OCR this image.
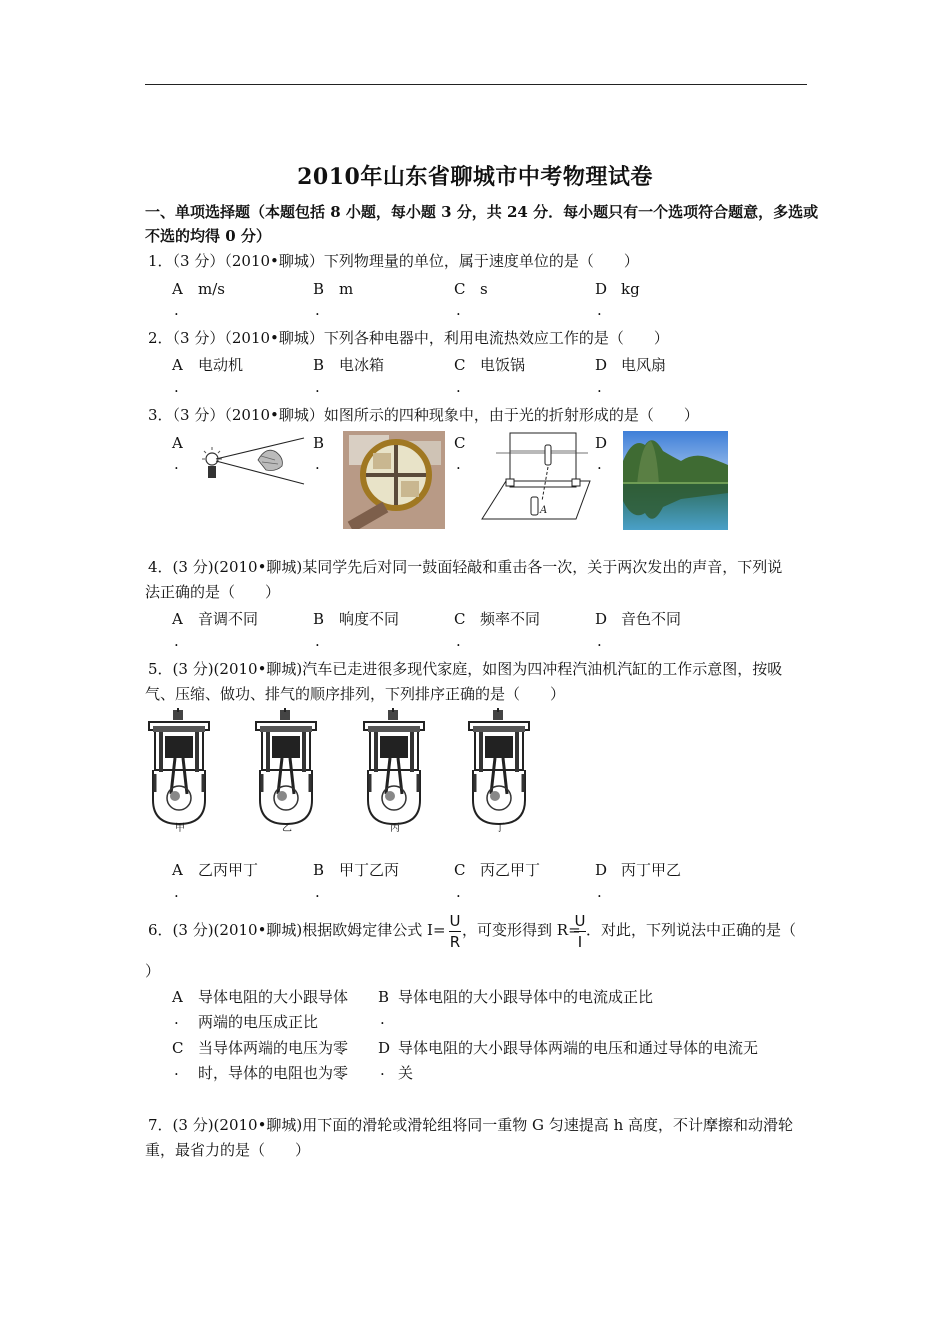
2010年山东省聊城市中考物理试卷
一、单项选择题（本题包括 8 小题，每小题 3 分，共 24 分．每小题只有一个选项符合题意，多选或
不选的均得 0 分）
1．（3 分）（2010•聊城）下列物理量的单位，属于速度单位的是（　　）
A m/s
.
B m
.
C s
.
D kg
.
2．（3 分）（2010•聊城）下列各种电器中，利用电流热效应工作的是（　　）
A 电动机
.
B 电冰箱
.
C 电饭锅
.
D 电风扇
.
3．（3 分）（2010•聊城）如图所示的四种现象中，由于光的折射形成的是（　　）
A
.
B
.
C
.
A
D
.
4．(3 分)(2010•聊城)某同学先后对同一鼓面轻敲和重击各一次，关于两次发出的声音，下列说
法正确的是（　　）
A 音调不同
.
B 响度不同
.
C 频率不同
.
D 音色不同
.
5．(3 分)(2010•聊城)汽车已走进很多现代家庭，如图为四冲程汽油机汽缸的工作示意图，按吸
气、压缩、做功、排气的顺序排列，下列排序正确的是（　　）
甲	乙	丙	丁
A 乙丙甲丁
.
B 甲丁乙丙
.
C 丙乙甲丁
.
D 丙丁甲乙
.
6．(3 分)(2010•聊城)根据欧姆定律公式 I= U
R
，可变形得到 R=
U
I
．对此，下列说法中正确的是（
）
A 导体电阻的大小跟导体
. 两端的电压成正比
B 导体电阻的大小跟导体中的电流成正比
.
C 当导体两端的电压为零
. 时，导体的电阻也为零
D 导体电阻的大小跟导体两端的电压和通过导体的电流无
. 关
7．(3 分)(2010•聊城)用下面的滑轮或滑轮组将同一重物 G 匀速提高 h 高度，不计摩擦和动滑轮
重，最省力的是（　　）
